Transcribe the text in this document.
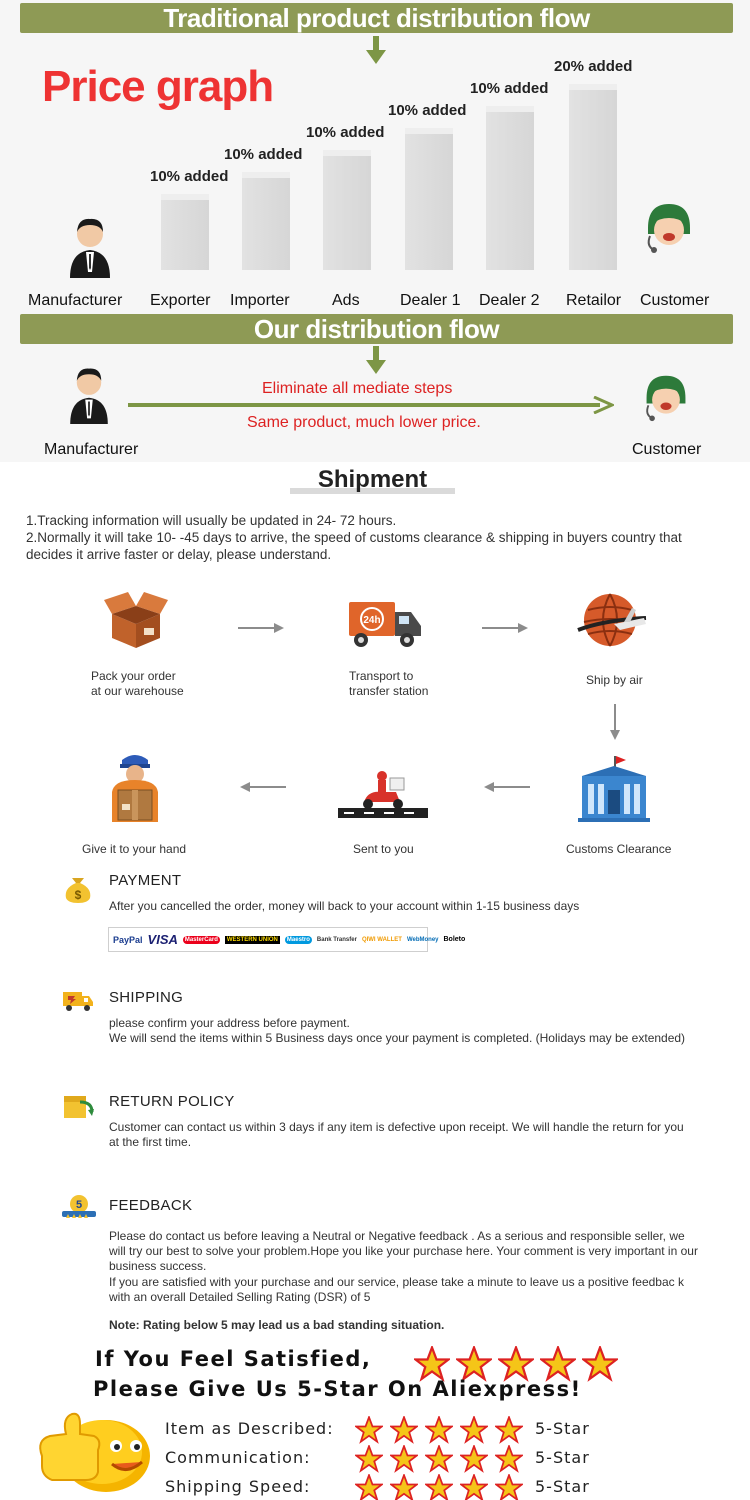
Traditional product distribution flow
Price graph
10% added
10% added
10% added
10% added
10% added
20% added
Manufacturer Exporter Importer	Ads	Dealer 1 Dealer 2 Retailor Customer
Our distribution flow
Eliminate all mediate steps
Same product, much lower price.
Manufacturer	Customer
Shipment
1.Tracking information will usually be updated in 24- 72 hours.
2.Normally it will take 10- -45 days to arrive, the speed of customs clearance & shipping in buyers country that decides it arrive faster or delay, please understand.
24h
Pack your order
at our warehouse
Transport to
transfer station
Ship by air
Customs Clearance
Sent to you
Give it to your hand
$
PAYMENT
After you cancelled the order, money will back to your account within 1-15 business days
PayPal VISA	MasterCard	WESTERN UNION	Maestro	Bank Transfer QIWI WALLET WebMoney Boleto
SHIPPING
please confirm your address before payment.
We will send the items within 5 Business days once your payment is completed. (Holidays may be extended)
RETURN POLICY
Customer can contact us within 3 days if any item is defective upon receipt. We will handle the return for you at the first time.
5 FEEDBACK
Please do contact us before leaving a Neutral or Negative feedback . As a serious and responsible seller, we will try our best to solve your problem.Hope you like your purchase here. Your comment is very important in our business success.
If you are satisfied with your purchase and our service, please take a minute to leave us a positive feedbac k with an overall Detailed Selling Rating (DSR) of 5
Note: Rating below 5 may lead us a bad standing situation.
If You Feel Satisfied,
Please Give Us 5-Star On Aliexpress!
Item as Described:	5-Star
Communication:	5-Star
Shipping Speed:	5-Star
